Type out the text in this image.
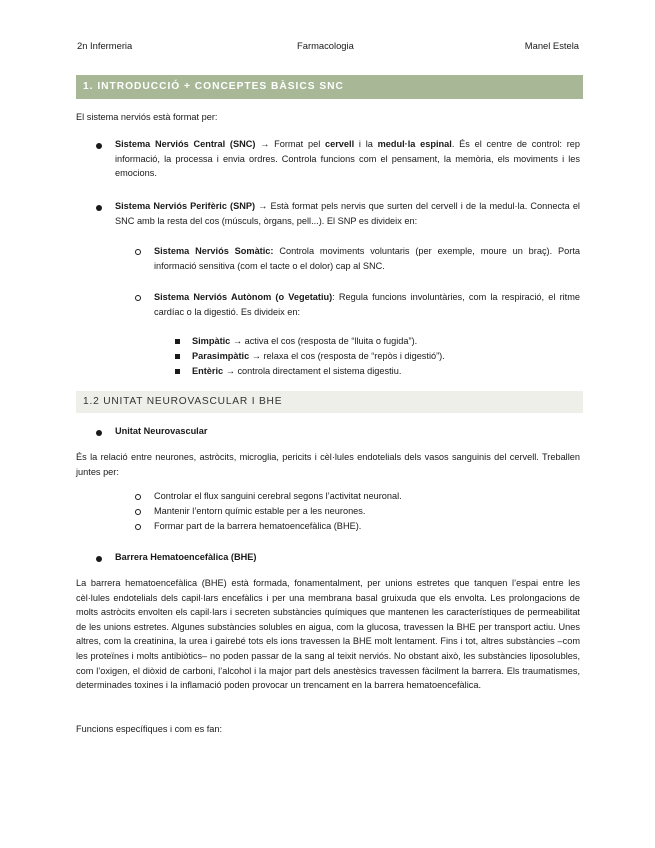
2n Infermeria	Farmacologia	Manel Estela
1. INTRODUCCIÓ + CONCEPTES BÀSICS SNC

El sistema nerviós està format per:

Sistema Nerviós Central (SNC) → Format pel cervell i la medul·la espinal. És el centre de control: rep informació, la processa i envia ordres. Controla funcions com el pensament, la memòria, els moviments i les emocions.

Sistema Nerviós Perifèric (SNP) → Està format pels nervis que surten del cervell i de la medul·la. Connecta el SNC amb la resta del cos (músculs, òrgans, pell...). El SNP es divideix en:

Sistema Nerviós Somàtic: Controla moviments voluntaris (per exemple, moure un braç). Porta informació sensitiva (com el tacte o el dolor) cap al SNC.

Sistema Nerviós Autònom (o Vegetatiu): Regula funcions involuntàries, com la respiració, el ritme cardíac o la digestió. Es divideix en:

Simpàtic → activa el cos (resposta de “lluita o fugida”).

Parasimpàtic → relaxa el cos (resposta de “repòs i digestió”).

Entèric → controla directament el sistema digestiu.

1.2 UNITAT NEUROVASCULAR I BHE

Unitat Neurovascular

És la relació entre neurones, astròcits, microglia, pericits i cèl·lules endotelials dels vasos sanguinis del cervell. Treballen juntes per:

Controlar el flux sanguini cerebral segons l’activitat neuronal.

Mantenir l’entorn químic estable per a les neurones.

Formar part de la barrera hematoencefàlica (BHE).

Barrera Hematoencefàlica (BHE)

La barrera hematoencefàlica (BHE) està formada, fonamentalment, per unions estretes que tanquen l’espai entre les cèl·lules endotelials dels capil·lars encefàlics i per una membrana basal gruixuda que els envolta. Les prolongacions de molts astròcits envolten els capil·lars i secreten substàncies químiques que mantenen les característiques de permeabilitat de les unions estretes. Algunes substàncies solubles en aigua, com la glucosa, travessen la BHE per transport actiu. Unes altres, com la creatinina, la urea i gairebé tots els ions travessen la BHE molt lentament. Fins i tot, altres substàncies –com les proteïnes i molts antibiòtics– no poden passar de la sang al teixit nerviós. No obstant això, les substàncies liposolubles, com l’oxigen, el diòxid de carboni, l’alcohol i la major part dels anestèsics travessen fàcilment la barrera. Els traumatismes, determinades toxines i la inflamació poden provocar un trencament en la barrera hematoencefàlica.

Funcions específiques i com es fan:
